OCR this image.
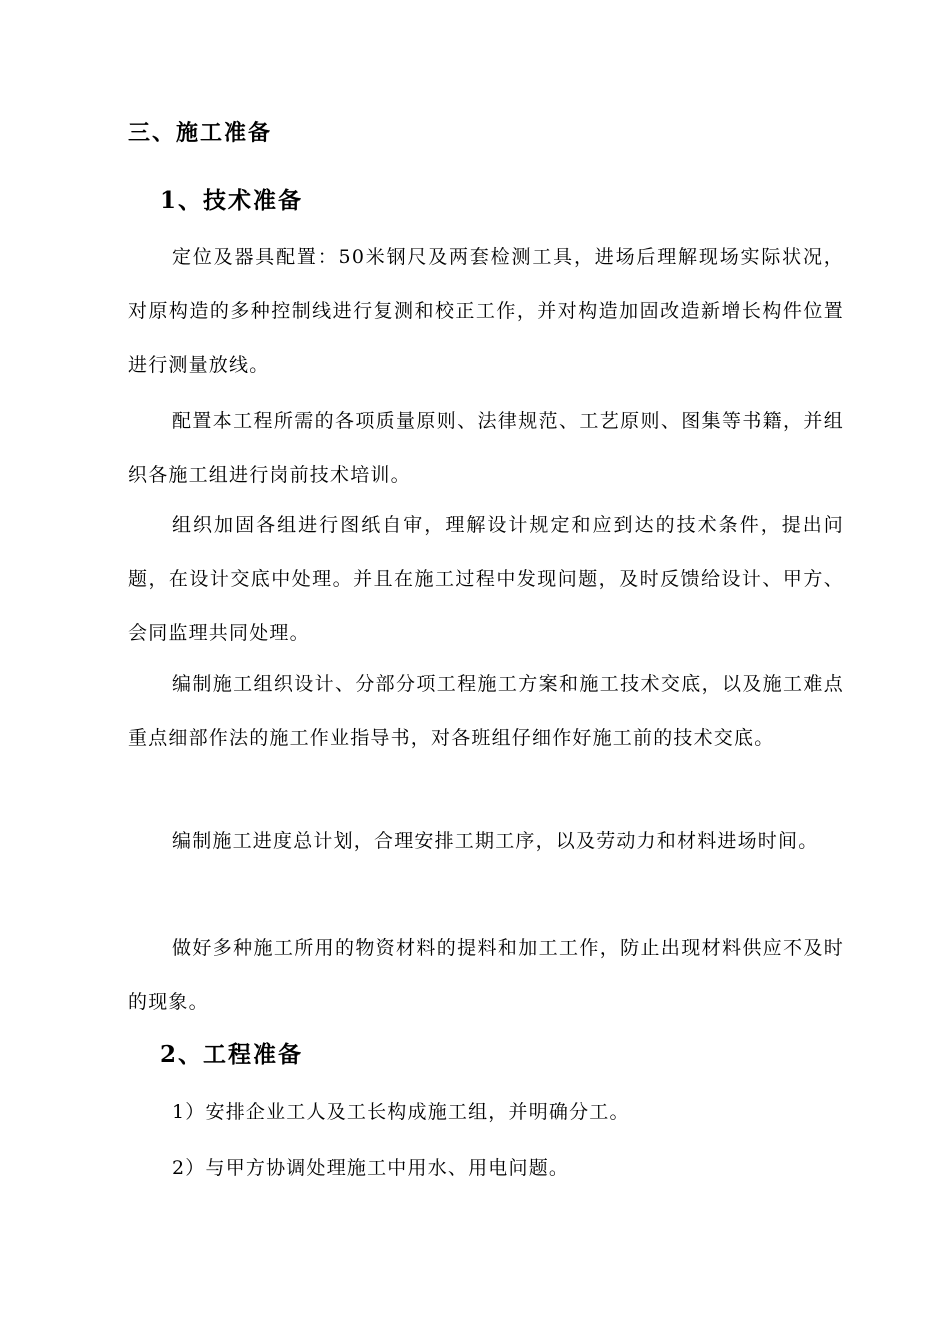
三、施工准备
1、技术准备

定位及器具配置：50米钢尺及两套检测工具，进场后理解现场实际状况，对原构造的多种控制线进行复测和校正工作，并对构造加固改造新增长构件位置进行测量放线。

配置本工程所需的各项质量原则、法律规范、工艺原则、图集等书籍，并组织各施工组进行岗前技术培训。

组织加固各组进行图纸自审，理解设计规定和应到达的技术条件，提出问题，在设计交底中处理。并且在施工过程中发现问题，及时反馈给设计、甲方、会同监理共同处理。

编制施工组织设计、分部分项工程施工方案和施工技术交底，以及施工难点重点细部作法的施工作业指导书，对各班组仔细作好施工前的技术交底。

编制施工进度总计划，合理安排工期工序，以及劳动力和材料进场时间。

做好多种施工所用的物资材料的提料和加工工作，防止出现材料供应不及时的现象。

2、工程准备

1）安排企业工人及工长构成施工组，并明确分工。

2）与甲方协调处理施工中用水、用电问题。
